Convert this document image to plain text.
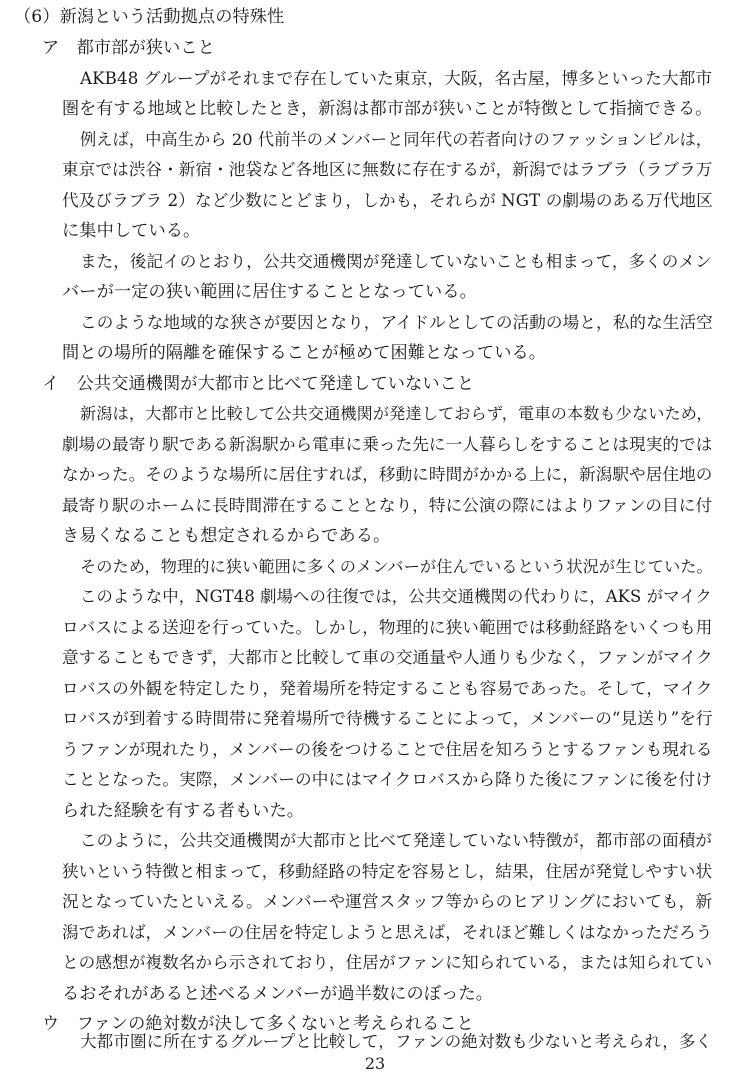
（6）新潟という活動拠点の特殊性
ア　都市部が狭いこと
AKB48 グループがそれまで存在していた東京，大阪，名古屋，博多といった大都市
圏を有する地域と比較したとき，新潟は都市部が狭いことが特徴として指摘できる。
例えば，中高生から 20 代前半のメンバーと同年代の若者向けのファッションビルは，
東京では渋谷・新宿・池袋など各地区に無数に存在するが，新潟ではラブラ（ラブラ万
代及びラブラ 2）など少数にとどまり，しかも，それらが NGT の劇場のある万代地区
に集中している。
また，後記イのとおり，公共交通機関が発達していないことも相まって，多くのメン
バーが一定の狭い範囲に居住することとなっている。
このような地域的な狭さが要因となり，アイドルとしての活動の場と，私的な生活空
間との場所的隔離を確保することが極めて困難となっている。
イ　公共交通機関が大都市と比べて発達していないこと
新潟は，大都市と比較して公共交通機関が発達しておらず，電車の本数も少ないため，
劇場の最寄り駅である新潟駅から電車に乗った先に一人暮らしをすることは現実的では
なかった。そのような場所に居住すれば，移動に時間がかかる上に，新潟駅や居住地の
最寄り駅のホームに長時間滞在することとなり，特に公演の際にはよりファンの目に付
き易くなることも想定されるからである。
そのため，物理的に狭い範囲に多くのメンバーが住んでいるという状況が生じていた。
このような中，NGT48 劇場への往復では，公共交通機関の代わりに，AKS がマイク
ロバスによる送迎を行っていた。しかし，物理的に狭い範囲では移動経路をいくつも用
意することもできず，大都市と比較して車の交通量や人通りも少なく，ファンがマイク
ロバスの外観を特定したり，発着場所を特定することも容易であった。そして，マイク
ロバスが到着する時間帯に発着場所で待機することによって，メンバーの“見送り”を行
うファンが現れたり，メンバーの後をつけることで住居を知ろうとするファンも現れる
こととなった。実際，メンバーの中にはマイクロバスから降りた後にファンに後を付け
られた経験を有する者もいた。
このように，公共交通機関が大都市と比べて発達していない特徴が，都市部の面積が
狭いという特徴と相まって，移動経路の特定を容易とし，結果，住居が発覚しやすい状
況となっていたといえる。メンバーや運営スタッフ等からのヒアリングにおいても，新
潟であれば，メンバーの住居を特定しようと思えば，それほど難しくはなかっただろう
との感想が複数名から示されており，住居がファンに知られている，または知られてい
るおそれがあると述べるメンバーが過半数にのぼった。
ウ　ファンの絶対数が決して多くないと考えられること
大都市圏に所在するグループと比較して，ファンの絶対数も少ないと考えられ，多く
23
